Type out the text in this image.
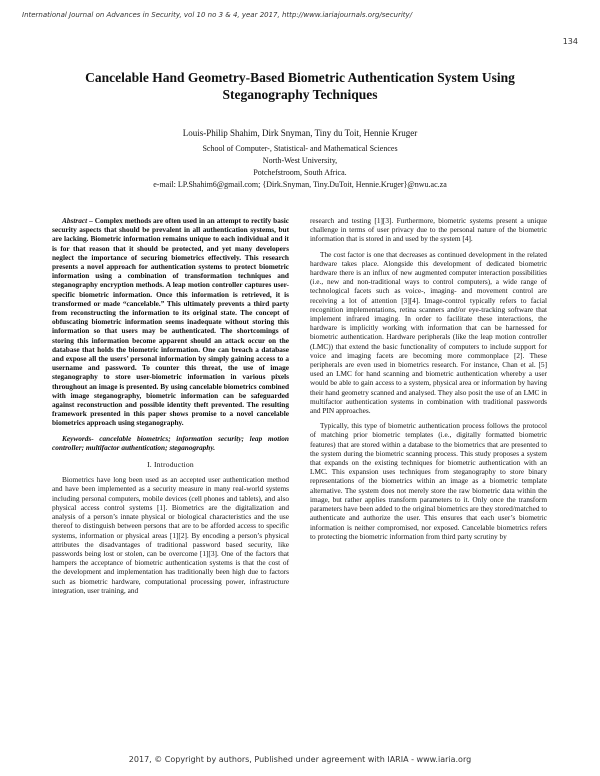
International Journal on Advances in Security, vol 10 no 3 & 4, year 2017, http://www.iariajournals.org/security/
134
Cancelable Hand Geometry-Based Biometric Authentication System Using
Steganography Techniques
Louis-Philip Shahim, Dirk Snyman, Tiny du Toit, Hennie Kruger
School of Computer-, Statistical- and Mathematical Sciences
North-West University,
Potchefstroom, South Africa.
e-mail: LP.Shahim6@gmail.com; {Dirk.Snyman, Tiny.DuToit, Hennie.Kruger}@nwu.ac.za

Abstract – Complex methods are often used in an attempt to rectify basic security aspects that should be prevalent in all authentication systems, but are lacking. Biometric information remains unique to each individual and it is for that reason that it should be protected, and yet many developers neglect the importance of securing biometrics effectively. This research presents a novel approach for authentication systems to protect biometric information using a combination of transformation techniques and steganography encryption methods. A leap motion controller captures user-specific biometric information. Once this information is retrieved, it is transformed or made “cancelable.” This ultimately prevents a third party from reconstructing the information to its original state. The concept of obfuscating biometric information seems inadequate without storing this information so that users may be authenticated. The shortcomings of storing this information become apparent should an attack occur on the database that holds the biometric information. One can breach a database and expose all the users’ personal information by simply gaining access to a username and password. To counter this threat, the use of image steganography to store user-biometric information in various pixels throughout an image is presented. By using cancelable biometrics combined with image steganography, biometric information can be safeguarded against reconstruction and possible identity theft prevented. The resulting framework presented in this paper shows promise to a novel cancelable biometrics approach using steganography.

Keywords- cancelable biometrics; information security; leap motion controller; multifactor authentication; steganography.

I. Introduction

Biometrics have long been used as an accepted user authentication method and have been implemented as a security measure in many real-world systems including personal computers, mobile devices (cell phones and tablets), and also physical access control systems [1]. Biometrics are the digitalization and analysis of a person’s innate physical or biological characteristics and the use thereof to distinguish between persons that are to be afforded access to specific systems, information or physical areas [1][2]. By encoding a person’s physical attributes the disadvantages of traditional password based security, like passwords being lost or stolen, can be overcome [1][3]. One of the factors that hampers the acceptance of biometric authentication systems is that the cost of the development and implementation has traditionally been high due to factors such as biometric hardware, computational processing power, infrastructure integration, user training, and

research and testing [1][3]. Furthermore, biometric systems present a unique challenge in terms of user privacy due to the personal nature of the biometric information that is stored in and used by the system [4].

The cost factor is one that decreases as continued development in the related hardware takes place. Alongside this development of dedicated biometric hardware there is an influx of new augmented computer interaction possibilities (i.e., new and non-traditional ways to control computers), a wide range of technological facets such as voice-, imaging- and movement control are receiving a lot of attention [3][4]. Image-control typically refers to facial recognition implementations, retina scanners and/or eye-tracking software that implement infrared imaging. In order to facilitate these interactions, the hardware is implicitly working with information that can be harnessed for biometric authentication. Hardware peripherals (like the leap motion controller (LMC)) that extend the basic functionality of computers to include support for voice and imaging facets are becoming more commonplace [2]. These peripherals are even used in biometrics research. For instance, Chan et al. [5] used an LMC for hand scanning and biometric authentication whereby a user would be able to gain access to a system, physical area or information by having their hand geometry scanned and analysed. They also posit the use of an LMC in multifactor authentication systems in combination with traditional passwords and PIN approaches.

Typically, this type of biometric authentication process follows the protocol of matching prior biometric templates (i.e., digitally formatted biometric features) that are stored within a database to the biometrics that are presented to the system during the biometric scanning process. This study proposes a system that expands on the existing techniques for biometric authentication with an LMC. This expansion uses techniques from steganography to store binary representations of the biometrics within an image as a biometric template alternative. The system does not merely store the raw biometric data within the image, but rather applies transform parameters to it. Only once the transform parameters have been added to the original biometrics are they stored/matched to authenticate and authorize the user. This ensures that each user’s biometric information is neither compromised, nor exposed. Cancelable biometrics refers to protecting the biometric information from third party scrutiny by

2017, © Copyright by authors, Published under agreement with IARIA - www.iaria.org
